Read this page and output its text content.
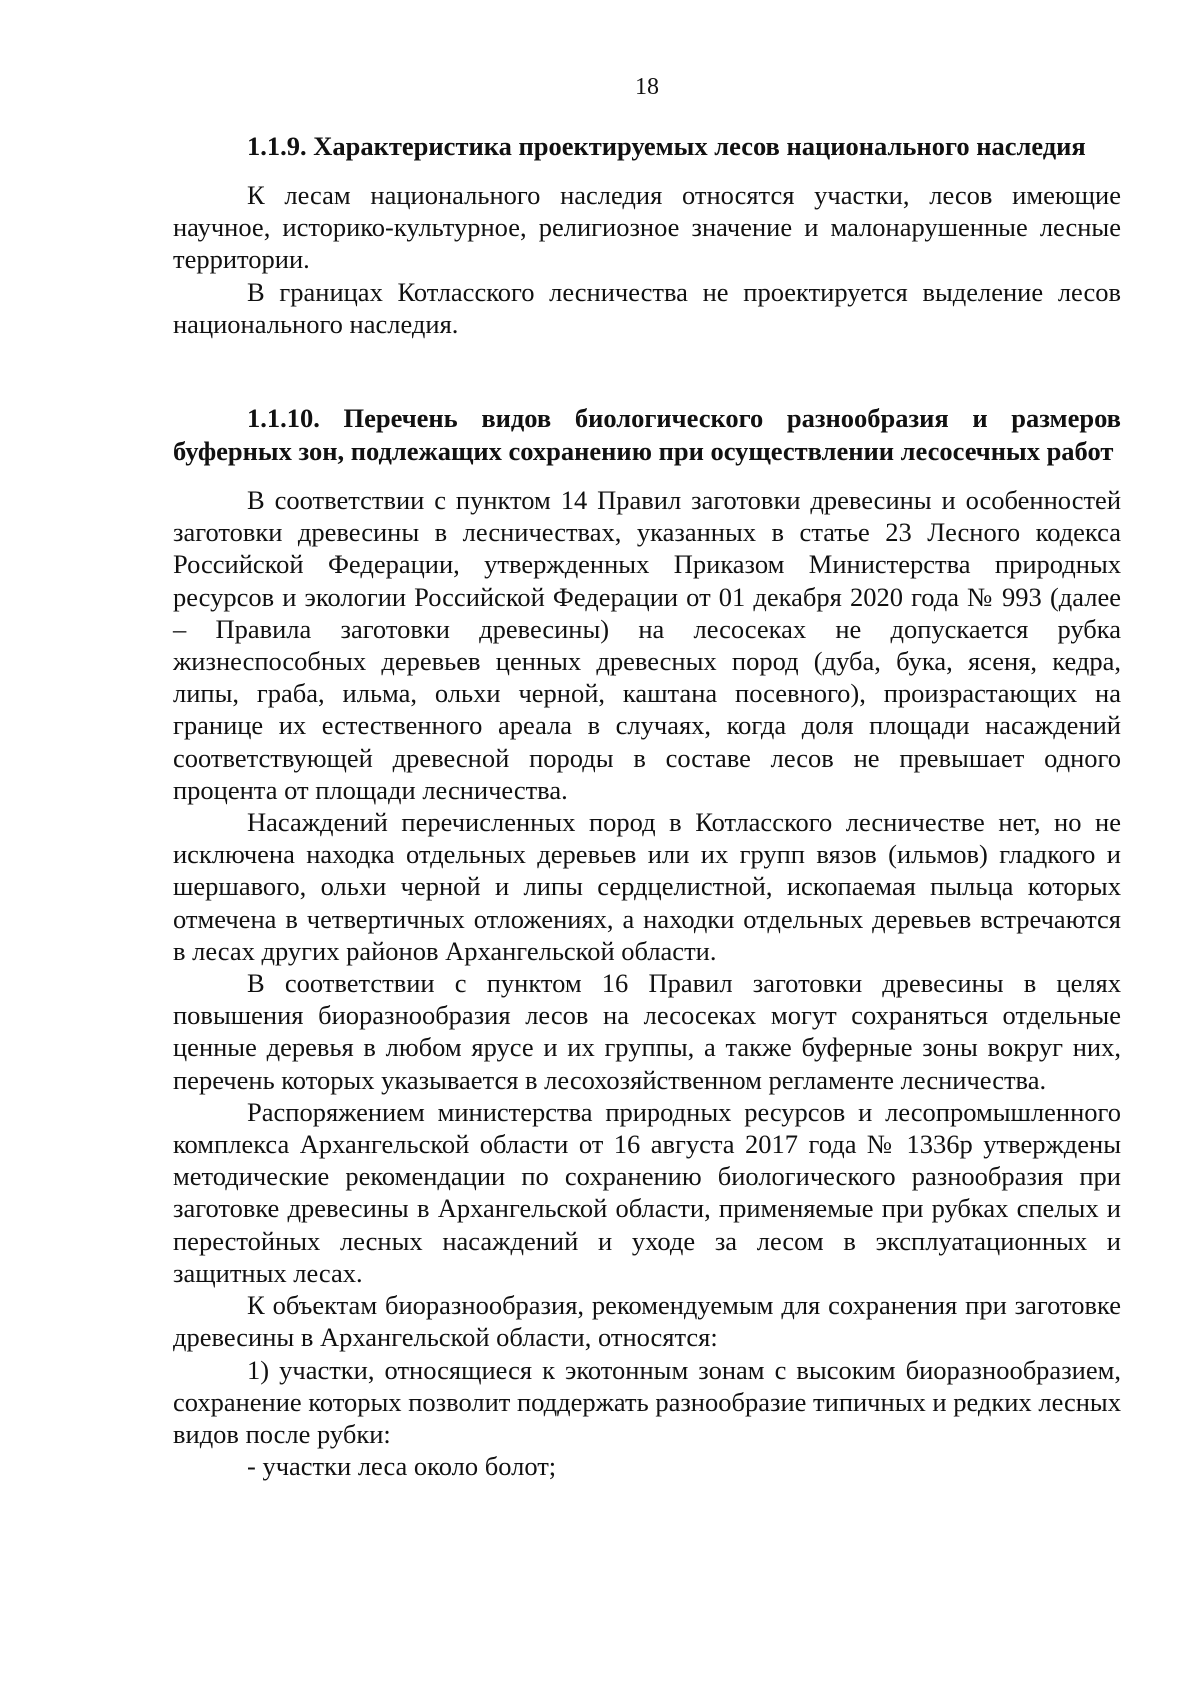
18
1.1.9. Характеристика проектируемых лесов национального наследия

К лесам национального наследия относятся участки, лесов имеющие научное, историко-культурное, религиозное значение и малонарушенные лесные территории.

В границах Котласского лесничества не проектируется выделение лесов национального наследия.

1.1.10. Перечень видов биологического разнообразия и размеров буферных зон, подлежащих сохранению при осуществлении лесосечных работ

В соответствии с пунктом 14 Правил заготовки древесины и особенностей заготовки древесины в лесничествах, указанных в статье 23 Лесного кодекса Российской Федерации, утвержденных Приказом Министерства природных ресурсов и экологии Российской Федерации от 01 декабря 2020 года № 993 (далее – Правила заготовки древесины) на лесосеках не допускается рубка жизнеспособных деревьев ценных древесных пород (дуба, бука, ясеня, кедра, липы, граба, ильма, ольхи черной, каштана посевного), произрастающих на границе их естественного ареала в случаях, когда доля площади насаждений соответствующей древесной породы в составе лесов не превышает одного процента от площади лесничества.

Насаждений перечисленных пород в Котласского лесничестве нет, но не исключена находка отдельных деревьев или их групп вязов (ильмов) гладкого и шершавого, ольхи черной и липы сердцелистной, ископаемая пыльца которых отмечена в четвертичных отложениях, а находки отдельных деревьев встречаются в лесах других районов Архангельской области.

В соответствии с пунктом 16 Правил заготовки древесины в целях повышения биоразнообразия лесов на лесосеках могут сохраняться отдельные ценные деревья в любом ярусе и их группы, а также буферные зоны вокруг них, перечень которых указывается в лесохозяйственном регламенте лесничества.

Распоряжением министерства природных ресурсов и лесопромышленного комплекса Архангельской области от 16 августа 2017 года № 1336р утверждены методические рекомендации по сохранению биологического разнообразия при заготовке древесины в Архангельской области, применяемые при рубках спелых и перестойных лесных насаждений и уходе за лесом в эксплуатационных и защитных лесах.

К объектам биоразнообразия, рекомендуемым для сохранения при заготовке древесины в Архангельской области, относятся:

1) участки, относящиеся к экотонным зонам с высоким биоразнообразием, сохранение которых позволит поддержать разнообразие типичных и редких лесных видов после рубки:

- участки леса около болот;
